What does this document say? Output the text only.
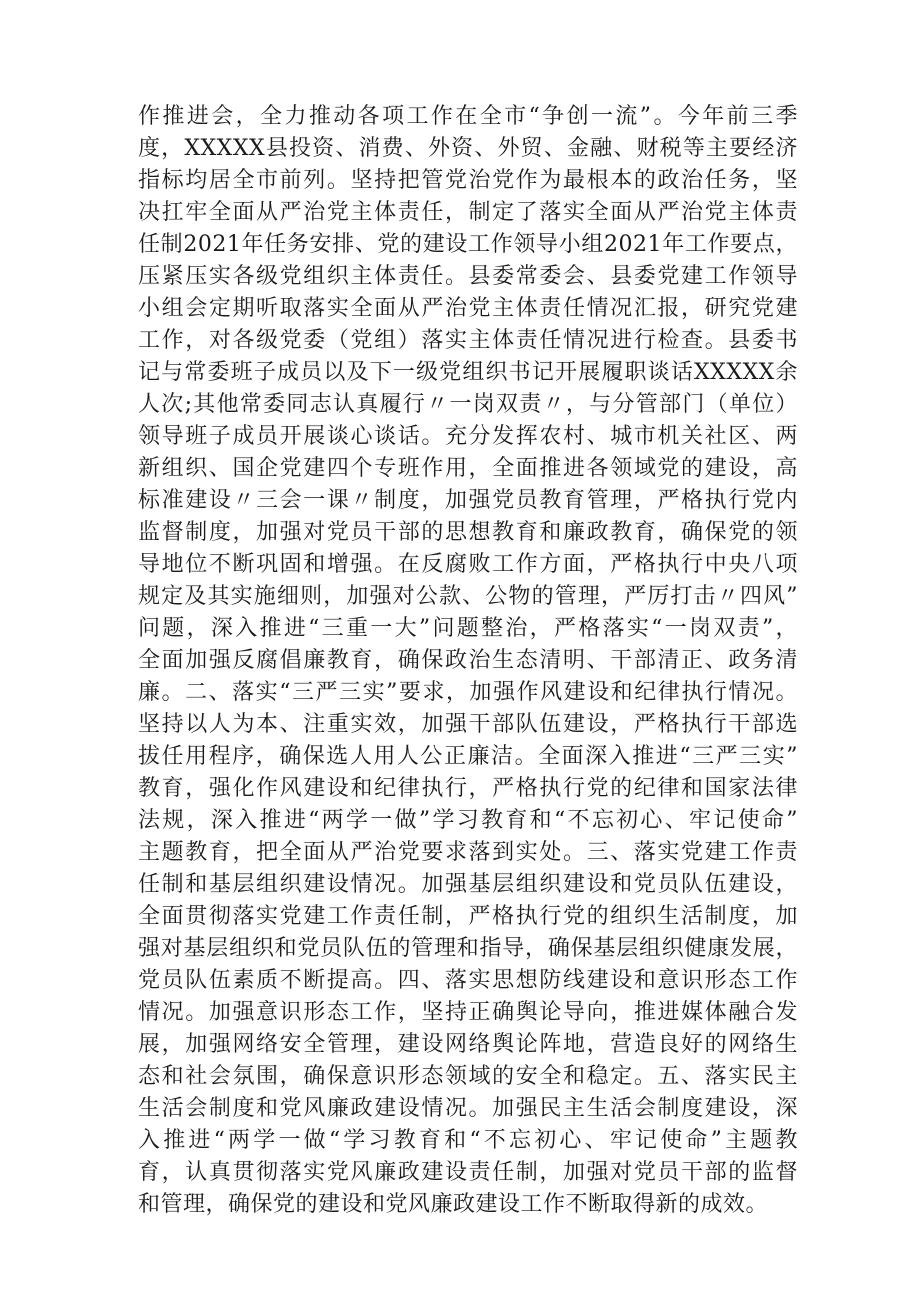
作推进会，全力推动各项工作在全市“争创一流”。今年前三季
度，XXXXX县投资、消费、外资、外贸、金融、财税等主要经济
指标均居全市前列。坚持把管党治党作为最根本的政治任务，坚
决扛牢全面从严治党主体责任，制定了落实全面从严治党主体责
任制2021年任务安排、党的建设工作领导小组2021年工作要点，
压紧压实各级党组织主体责任。县委常委会、县委党建工作领导
小组会定期听取落实全面从严治党主体责任情况汇报，研究党建
工作，对各级党委（党组）落实主体责任情况进行检查。县委书
记与常委班子成员以及下一级党组织书记开展履职谈话XXXXX余
人次;其他常委同志认真履行〃一岗双责〃，与分管部门（单位）
领导班子成员开展谈心谈话。充分发挥农村、城市机关社区、两
新组织、国企党建四个专班作用，全面推进各领域党的建设，高
标准建设〃三会一课〃制度，加强党员教育管理，严格执行党内
监督制度，加强对党员干部的思想教育和廉政教育，确保党的领
导地位不断巩固和增强。在反腐败工作方面，严格执行中央八项
规定及其实施细则，加强对公款、公物的管理，严厉打击〃四风”
问题，深入推进“三重一大”问题整治，严格落实“一岗双责”，
全面加强反腐倡廉教育，确保政治生态清明、干部清正、政务清
廉。二、落实“三严三实”要求，加强作风建设和纪律执行情况。
坚持以人为本、注重实效，加强干部队伍建设，严格执行干部选
拔任用程序，确保选人用人公正廉洁。全面深入推进“三严三实”
教育，强化作风建设和纪律执行，严格执行党的纪律和国家法律
法规，深入推进“两学一做”学习教育和“不忘初心、牢记使命”
主题教育，把全面从严治党要求落到实处。三、落实党建工作责
任制和基层组织建设情况。加强基层组织建设和党员队伍建设，
全面贯彻落实党建工作责任制，严格执行党的组织生活制度，加
强对基层组织和党员队伍的管理和指导，确保基层组织健康发展，
党员队伍素质不断提高。四、落实思想防线建设和意识形态工作
情况。加强意识形态工作，坚持正确舆论导向，推进媒体融合发
展，加强网络安全管理，建设网络舆论阵地，营造良好的网络生
态和社会氛围，确保意识形态领域的安全和稳定。五、落实民主
生活会制度和党风廉政建设情况。加强民主生活会制度建设，深
入推进“两学一做“学习教育和“不忘初心、牢记使命”主题教
育，认真贯彻落实党风廉政建设责任制，加强对党员干部的监督
和管理，确保党的建设和党风廉政建设工作不断取得新的成效。
